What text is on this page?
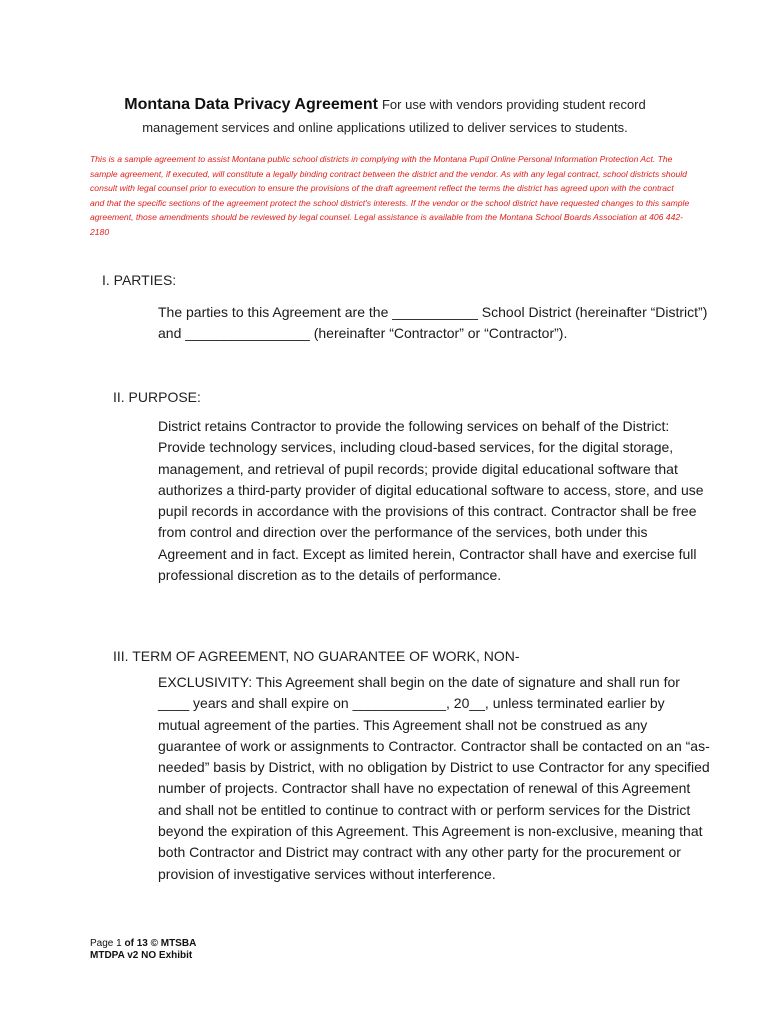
Montana Data Privacy Agreement For use with vendors providing student record
management services and online applications utilized to deliver services to students.
This is a sample agreement to assist Montana public school districts in complying with the Montana Pupil Online Personal Information Protection Act. The sample agreement, if executed, will constitute a legally binding contract between the district and the vendor. As with any legal contract, school districts should consult with legal counsel prior to execution to ensure the provisions of the draft agreement reflect the terms the district has agreed upon with the contract and that the specific sections of the agreement protect the school district's interests. If the vendor or the school district have requested changes to this sample agreement, those amendments should be reviewed by legal counsel. Legal assistance is available from the Montana School Boards Association at 406 442-2180
I. PARTIES:
The parties to this Agreement are the ___________ School District (hereinafter “District”) and ________________ (hereinafter “Contractor” or “Contractor”).
II. PURPOSE:
District retains Contractor to provide the following services on behalf of the District: Provide technology services, including cloud-based services, for the digital storage, management, and retrieval of pupil records; provide digital educational software that authorizes a third-party provider of digital educational software to access, store, and use pupil records in accordance with the provisions of this contract. Contractor shall be free from control and direction over the performance of the services, both under this Agreement and in fact. Except as limited herein, Contractor shall have and exercise full professional discretion as to the details of performance.
III. TERM OF AGREEMENT, NO GUARANTEE OF WORK, NON-
EXCLUSIVITY: This Agreement shall begin on the date of signature and shall run for ____ years and shall expire on ____________, 20__, unless terminated earlier by mutual agreement of the parties. This Agreement shall not be construed as any guarantee of work or assignments to Contractor. Contractor shall be contacted on an “as-needed” basis by District, with no obligation by District to use Contractor for any specified number of projects. Contractor shall have no expectation of renewal of this Agreement and shall not be entitled to continue to contract with or perform services for the District beyond the expiration of this Agreement. This Agreement is non-exclusive, meaning that both Contractor and District may contract with any other party for the procurement or provision of investigative services without interference.
Page 1 of 13 © MTSBA
MTDPA v2 NO Exhibit
